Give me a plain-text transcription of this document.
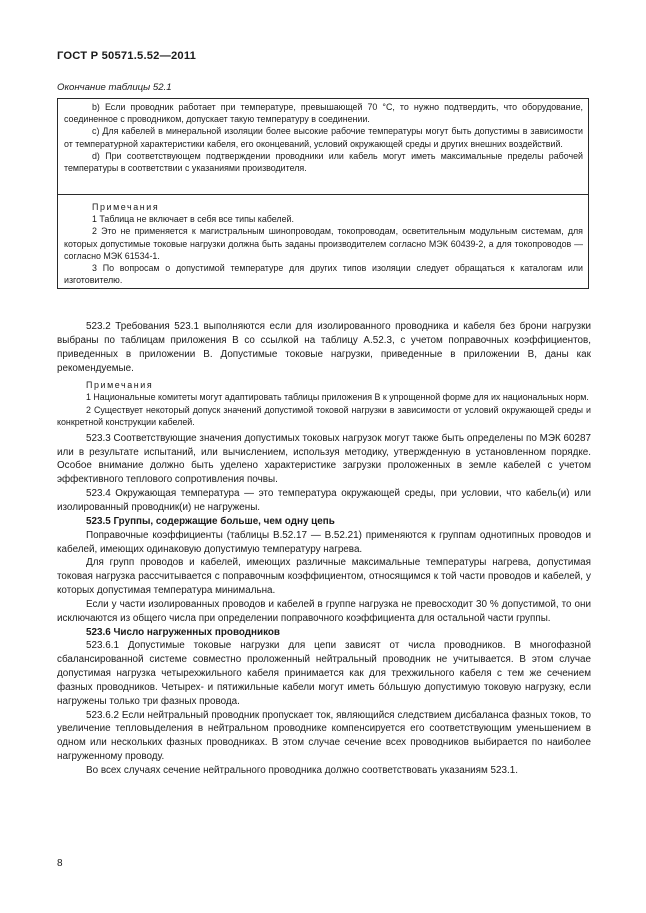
ГОСТ Р 50571.5.52—2011
Окончание таблицы 52.1

b) Если проводник работает при температуре, превышающей 70 °С, то нужно подтвердить, что оборудование, соединенное с проводником, допускает такую температуру в соединении.

c) Для кабелей в минеральной изоляции более высокие рабочие температуры могут быть допустимы в зависимости от температурной характеристики кабеля, его оконцеваний, условий окружающей среды и других внешних воздействий.

d) При соответствующем подтверждении проводники или кабель могут иметь максимальные пределы рабочей температуры в соответствии с указаниями производителя.

Примечания

1 Таблица не включает в себя все типы кабелей.

2 Это не применяется к магистральным шинопроводам, токопроводам, осветительным модульным системам, для которых допустимые токовые нагрузки должна быть заданы производителем согласно МЭК 60439-2, а для токопроводов — согласно МЭК 61534-1.

3 По вопросам о допустимой температуре для других типов изоляции следует обращаться к каталогам или изготовителю.

523.2 Требования 523.1 выполняются если для изолированного проводника и кабеля без брони нагрузки выбраны по таблицам приложения В со ссылкой на таблицу А.52.3, с учетом поправочных коэффициентов, приведенных в приложении В. Допустимые токовые нагрузки, приведенные в приложении В, даны как рекомендуемые.

Примечания

1 Национальные комитеты могут адаптировать таблицы приложения В к упрощенной форме для их национальных норм.

2 Существует некоторый допуск значений допустимой токовой нагрузки в зависимости от условий окружающей среды и конкретной конструкции кабелей.

523.3 Соответствующие значения допустимых токовых нагрузок могут также быть определены по МЭК 60287 или в результате испытаний, или вычислением, используя методику, утвержденную в установленном порядке. Особое внимание должно быть уделено характеристике загрузки проложенных в земле кабелей с учетом эффективного теплового сопротивления почвы.

523.4 Окружающая температура — это температура окружающей среды, при условии, что кабель(и) или изолированный проводник(и) не нагружены.

523.5 Группы, содержащие больше, чем одну цепь

Поправочные коэффициенты (таблицы В.52.17 — В.52.21) применяются к группам однотипных проводов и кабелей, имеющих одинаковую допустимую температуру нагрева.

Для групп проводов и кабелей, имеющих различные максимальные температуры нагрева, допустимая токовая нагрузка рассчитывается с поправочным коэффициентом, относящимся к той части проводов и кабелей, у которых допустимая температура минимальна.

Если у части изолированных проводов и кабелей в группе нагрузка не превосходит 30 % допустимой, то они исключаются из общего числа при определении поправочного коэффициента для остальной части группы.

523.6 Число нагруженных проводников

523.6.1 Допустимые токовые нагрузки для цепи зависят от числа проводников. В многофазной сбалансированной системе совместно проложенный нейтральный проводник не учитывается. В этом случае допустимая нагрузка четырехжильного кабеля принимается как для трехжильного кабеля с тем же сечением фазных проводников. Четырех- и пятижильные кабели могут иметь бóльшую допустимую токовую нагрузку, если нагружены только три фазных провода.

523.6.2 Если нейтральный проводник пропускает ток, являющийся следствием дисбаланса фазных токов, то увеличение тепловыделения в нейтральном проводнике компенсируется его соответствующим уменьшением в одном или нескольких фазных проводниках. В этом случае сечение всех проводников выбирается по наиболее нагруженному проводу.

Во всех случаях сечение нейтрального проводника должно соответствовать указаниям 523.1.

8
